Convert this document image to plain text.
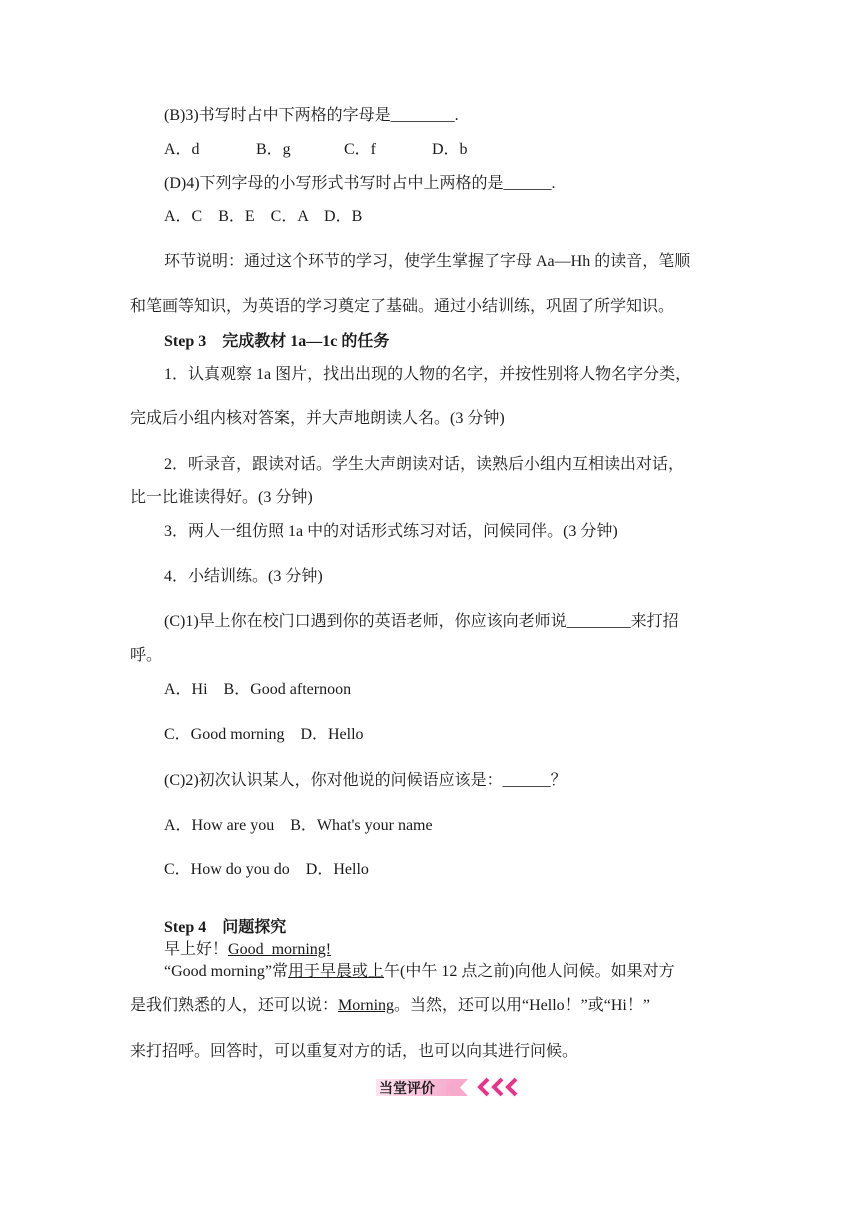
(B)3)书写时占中下两格的字母是________.
A．d	B．g	C．f	D．b
(D)4)下列字母的小写形式书写时占中上两格的是______.
A．C　B．E　C．A　D．B
环节说明：通过这个环节的学习，使学生掌握了字母 Aa—Hh 的读音，笔顺
和笔画等知识，为英语的学习奠定了基础。通过小结训练，巩固了所学知识。
Step 3　完成教材 1a—1c 的任务
1．认真观察 1a 图片，找出出现的人物的名字，并按性别将人物名字分类，
完成后小组内核对答案，并大声地朗读人名。(3 分钟)
2．听录音，跟读对话。学生大声朗读对话，读熟后小组内互相读出对话，
比一比谁读得好。(3 分钟)
3．两人一组仿照 1a 中的对话形式练习对话，问候同伴。(3 分钟)
4．小结训练。(3 分钟)
(C)1)早上你在校门口遇到你的英语老师，你应该向老师说________来打招
呼。
A．Hi　B．Good afternoon
C．Good morning　D．Hello
(C)2)初次认识某人，你对他说的问候语应该是：______？
A．How are you　B．What's your name
C．How do you do　D．Hello
Step 4　问题探究
早上好！Good_morning!
“Good morning”常用于早晨或上午(中午 12 点之前)向他人问候。如果对方
是我们熟悉的人，还可以说：Morning。当然，还可以用“Hello！”或“Hi！”
来打招呼。回答时，可以重复对方的话，也可以向其进行问候。
当堂评价
